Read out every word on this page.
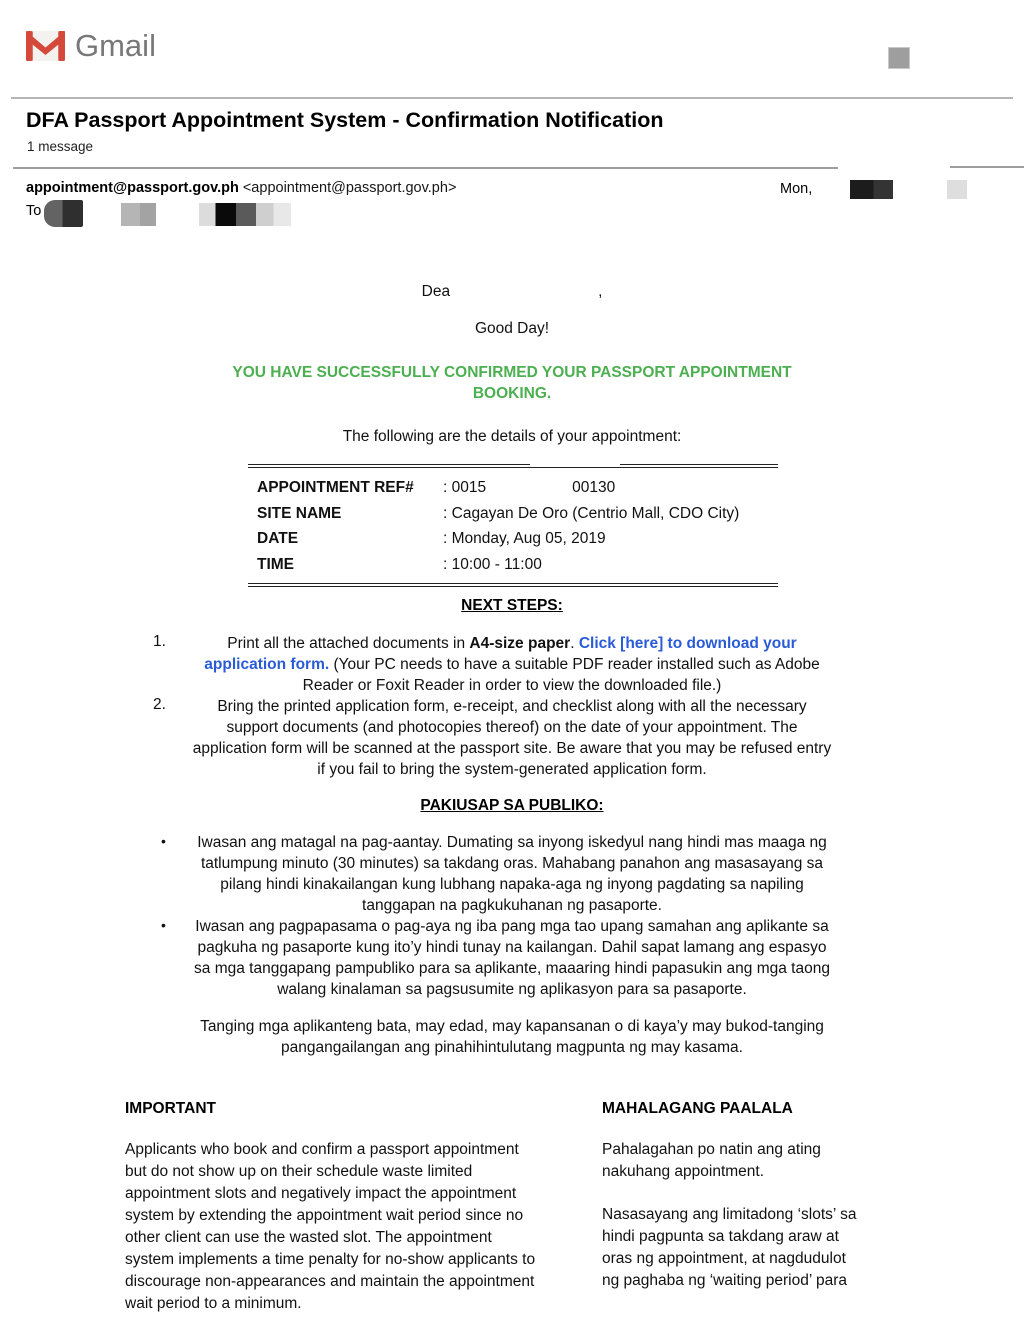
Gmail
DFA Passport Appointment System - Confirmation Notification
1 message
appointment@passport.gov.ph <appointment@passport.gov.ph>	Mon,
To
Dea	,
Good Day!
YOU HAVE SUCCESSFULLY CONFIRMED YOUR PASSPORT APPOINTMENT
BOOKING.
The following are the details of your appointment:
APPOINTMENT REF#	: 0015	00130
SITE NAME	: Cagayan De Oro (Centrio Mall, CDO City)
DATE	: Monday, Aug 05, 2019
TIME	: 10:00 - 11:00
NEXT STEPS:
1.	Print all the attached documents in A4-size paper. Click [here] to download your
application form. (Your PC needs to have a suitable PDF reader installed such as Adobe
Reader or Foxit Reader in order to view the downloaded file.)
2.	Bring the printed application form, e-receipt, and checklist along with all the necessary
support documents (and photocopies thereof) on the date of your appointment. The
application form will be scanned at the passport site. Be aware that you may be refused entry
if you fail to bring the system-generated application form.
PAKIUSAP SA PUBLIKO:
•	Iwasan ang matagal na pag-aantay. Dumating sa inyong iskedyul nang hindi mas maaga ng
tatlumpung minuto (30 minutes) sa takdang oras. Mahabang panahon ang masasayang sa
pilang hindi kinakailangan kung lubhang napaka-aga ng inyong pagdating sa napiling
tanggapan na pagkukuhanan ng pasaporte.
•	Iwasan ang pagpapasama o pag-aya ng iba pang mga tao upang samahan ang aplikante sa
pagkuha ng pasaporte kung ito’y hindi tunay na kailangan. Dahil sapat lamang ang espasyo
sa mga tanggapang pampubliko para sa aplikante, maaaring hindi papasukin ang mga taong
walang kinalaman sa pagsusumite ng aplikasyon para sa pasaporte.
Tanging mga aplikanteng bata, may edad, may kapansanan o di kaya’y may bukod-tanging
pangangailangan ang pinahihintulutang magpunta ng may kasama.
IMPORTANT
Applicants who book and confirm a passport appointment
but do not show up on their schedule waste limited
appointment slots and negatively impact the appointment
system by extending the appointment wait period since no
other client can use the wasted slot. The appointment
system implements a time penalty for no-show applicants to
discourage non-appearances and maintain the appointment
wait period to a minimum.
MAHALAGANG PAALALA
Pahalagahan po natin ang ating
nakuhang appointment.
Nasasayang ang limitadong ‘slots’ sa
hindi pagpunta sa takdang araw at
oras ng appointment, at nagdudulot
ng paghaba ng ‘waiting period’ para
